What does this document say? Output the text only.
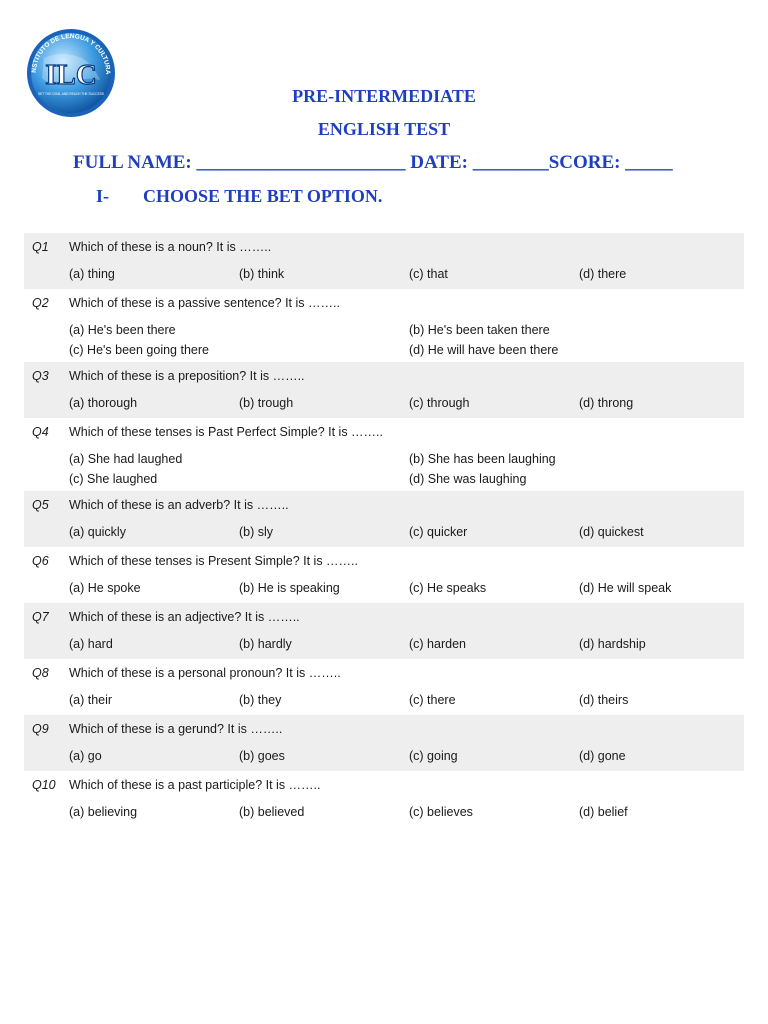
NSTITUTO DE LENGUA Y CULTURA
ILC
SET THE GOAL AND REACH THE SUCCESS	PRE-INTERMEDIATE
ENGLISH TEST
FULL NAME: ______________________ DATE: ________SCORE: _____
I- CHOOSE THE BET OPTION.
Q1 Which of these is a noun? It is ……..
(a) thing	(b) think	(c) that	(d) there
Q2 Which of these is a passive sentence? It is ……..
(a) He's been there	(b) He's been taken there
(c) He's been going there	(d) He will have been there
Q3 Which of these is a preposition? It is ……..
(a) thorough	(b) trough	(c) through	(d) throng
Q4 Which of these tenses is Past Perfect Simple? It is ……..
(a) She had laughed	(b) She has been laughing
(c) She laughed	(d) She was laughing
Q5 Which of these is an adverb? It is ……..
(a) quickly	(b) sly	(c) quicker	(d) quickest
Q6 Which of these tenses is Present Simple? It is ……..
(a) He spoke	(b) He is speaking	(c) He speaks	(d) He will speak
Q7 Which of these is an adjective? It is ……..
(a) hard	(b) hardly	(c) harden	(d) hardship
Q8 Which of these is a personal pronoun? It is ……..
(a) their	(b) they	(c) there	(d) theirs
Q9 Which of these is a gerund? It is ……..
(a) go	(b) goes	(c) going	(d) gone
Q10 Which of these is a past participle? It is ……..
(a) believing	(b) believed	(c) believes	(d) belief
